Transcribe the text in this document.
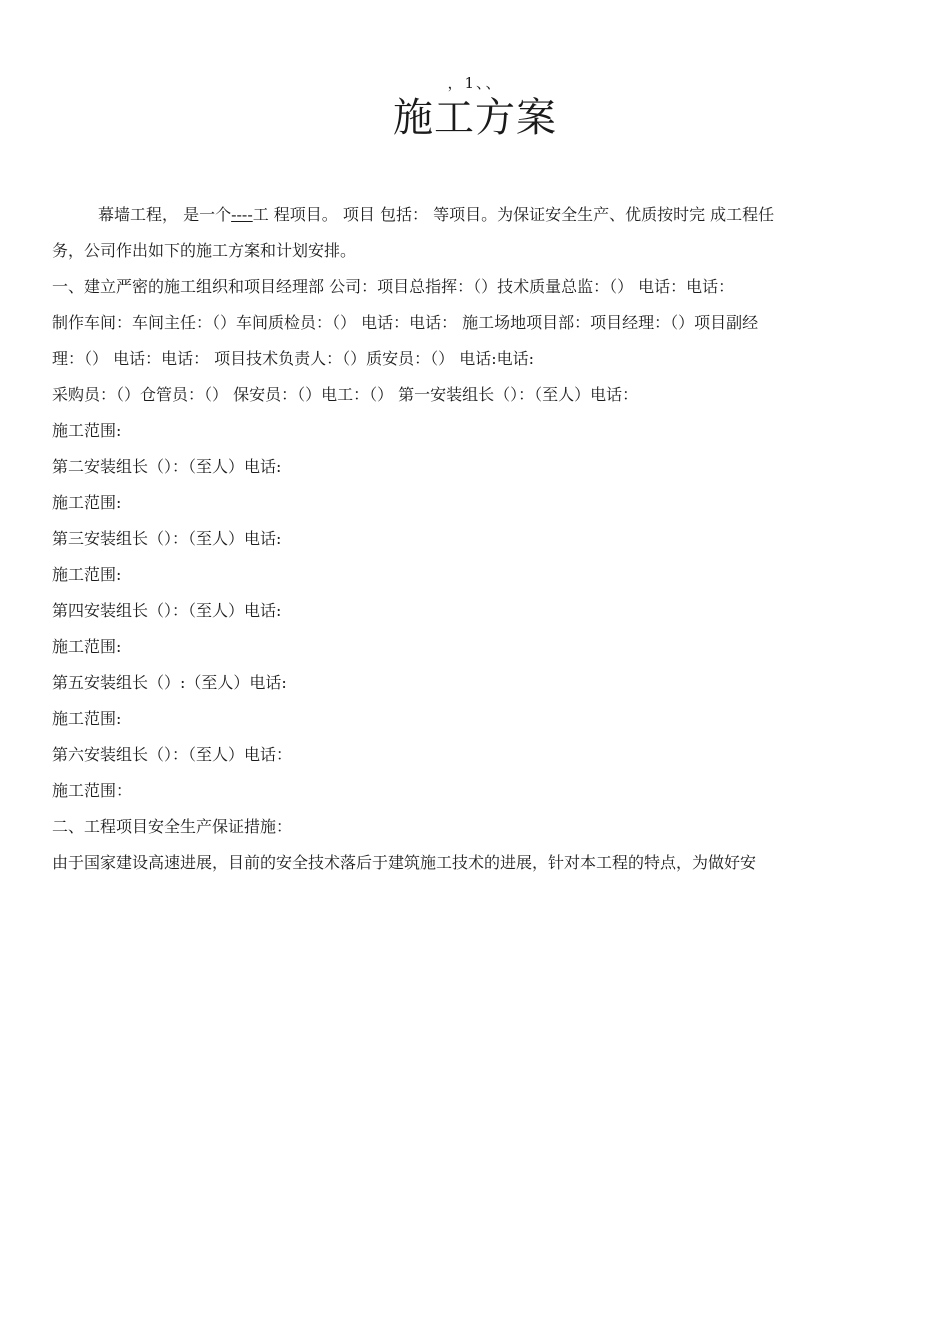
，1、、
施工方案
幕墙工程， 是一个----工 程项目。 项目 包括： 等项目。为保证安全生产、优质按时完 成工程任
务，公司作出如下的施工方案和计划安排。
一、建立严密的施工组织和项目经理部 公司：项目总指挥：（）技术质量总监：（） 电话：电话：
制作车间：车间主任：（）车间质检员：（） 电话：电话： 施工场地项目部：项目经理：（）项目副经
理：（） 电话：电话： 项目技术负责人：（）质安员：（） 电话:电话:
采购员：（）仓管员：（） 保安员：（）电工：（） 第一安装组长（）：（至人）电话：
施工范围:
第二安装组长（）：（至人）电话:
施工范围:
第三安装组长（）：（至人）电话:
施工范围:
第四安装组长（）：（至人）电话:
施工范围:
第五安装组长（）:（至人）电话:
施工范围:
第六安装组长（）：（至人）电话：
施工范围：
二、工程项目安全生产保证措施：
由于国家建设高速进展，目前的安全技术落后于建筑施工技术的进展，针对本工程的特点，为做好安
